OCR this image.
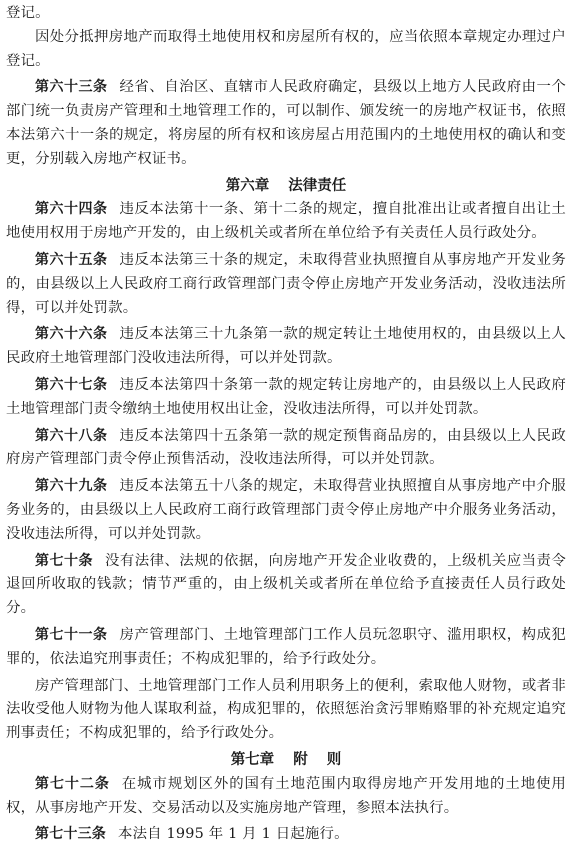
登记。

因处分抵押房地产而取得土地使用权和房屋所有权的，应当依照本章规定办理过户登记。

第六十三条 经省、自治区、直辖市人民政府确定，县级以上地方人民政府由一个部门统一负责房产管理和土地管理工作的，可以制作、颁发统一的房地产权证书，依照本法第六十一条的规定，将房屋的所有权和该房屋占用范围内的土地使用权的确认和变更，分别载入房地产权证书。

第六章 法律责任

第六十四条 违反本法第十一条、第十二条的规定，擅自批准出让或者擅自出让土地使用权用于房地产开发的，由上级机关或者所在单位给予有关责任人员行政处分。

第六十五条 违反本法第三十条的规定，未取得营业执照擅自从事房地产开发业务的，由县级以上人民政府工商行政管理部门责令停止房地产开发业务活动，没收违法所得，可以并处罚款。

第六十六条 违反本法第三十九条第一款的规定转让土地使用权的，由县级以上人民政府土地管理部门没收违法所得，可以并处罚款。

第六十七条 违反本法第四十条第一款的规定转让房地产的，由县级以上人民政府土地管理部门责令缴纳土地使用权出让金，没收违法所得，可以并处罚款。

第六十八条 违反本法第四十五条第一款的规定预售商品房的，由县级以上人民政府房产管理部门责令停止预售活动，没收违法所得，可以并处罚款。

第六十九条 违反本法第五十八条的规定，未取得营业执照擅自从事房地产中介服务业务的，由县级以上人民政府工商行政管理部门责令停止房地产中介服务业务活动，没收违法所得，可以并处罚款。

第七十条 没有法律、法规的依据，向房地产开发企业收费的，上级机关应当责令退回所收取的钱款；情节严重的，由上级机关或者所在单位给予直接责任人员行政处分。

第七十一条 房产管理部门、土地管理部门工作人员玩忽职守、滥用职权，构成犯罪的，依法追究刑事责任；不构成犯罪的，给予行政处分。

房产管理部门、土地管理部门工作人员利用职务上的便利，索取他人财物，或者非法收受他人财物为他人谋取利益，构成犯罪的，依照惩治贪污罪贿赂罪的补充规定追究刑事责任；不构成犯罪的，给予行政处分。

第七章 附 则

第七十二条 在城市规划区外的国有土地范围内取得房地产开发用地的土地使用权，从事房地产开发、交易活动以及实施房地产管理，参照本法执行。

第七十三条 本法自 1995 年 1 月 1 日起施行。
